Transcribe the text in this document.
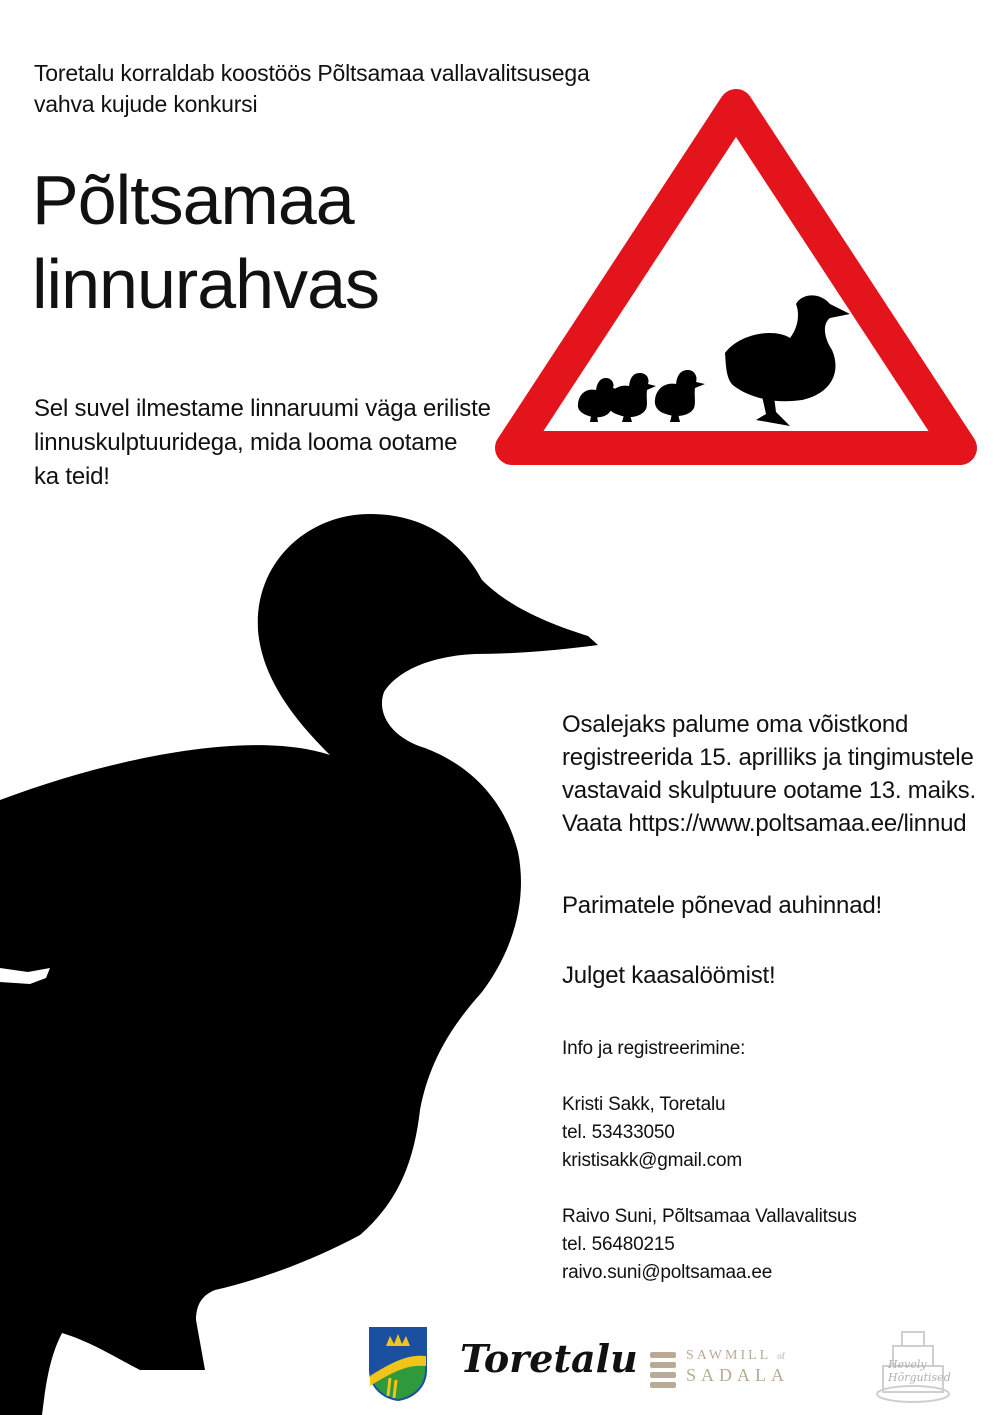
Toretalu korraldab koostöös Põltsamaa vallavalitsusega
vahva kujude konkursi
Põltsamaa
linnurahvas
Sel suvel ilmestame linnaruumi väga eriliste
linnuskulptuuridega, mida looma ootame
ka teid!
Osalejaks palume oma võistkond
registreerida 15. aprilliks ja tingimustele
vastavaid skulptuure ootame 13. maiks.
Vaata https://www.poltsamaa.ee/linnud
Parimatele põnevad auhinnad!
Julget kaasalöömist!
Info ja registreerimine:
Kristi Sakk, Toretalu
tel. 53433050
kristisakk@gmail.com
Raivo Suni, Põltsamaa Vallavalitsus
tel. 56480215
raivo.suni@poltsamaa.ee
Toretalu	SAWMILL of
SADALA
Hevely
Hõrgutised
